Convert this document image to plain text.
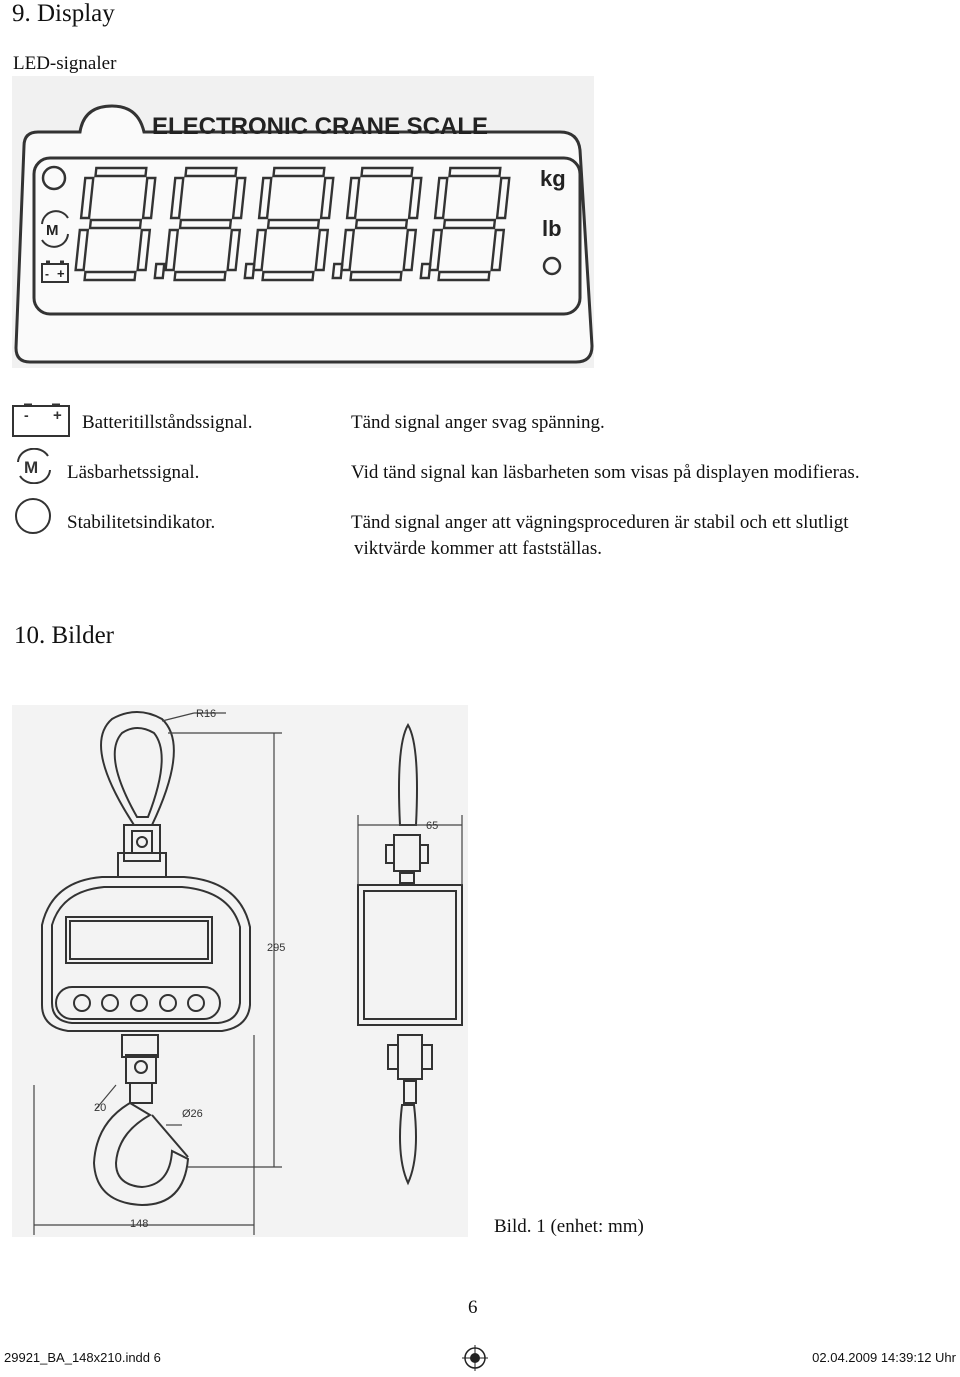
9. Display
LED-signaler
ELECTRONIC CRANE SCALE
M
- +
kg
lb
- +
M
Batteritillståndssignal.	Tänd signal anger svag spänning.
Läsbarhetssignal.	Vid tänd signal kan läsbarheten som visas på displayen modifieras.
Stabilitetsindikator.	Tänd signal anger att vägningsproceduren är stabil och ett slutligt
viktvärde kommer att fastställas.
10. Bilder
R16
295
20	Ø26
148
65
Bild. 1 (enhet: mm)
6
29921_BA_148x210.indd 6	02.04.2009 14:39:12 Uhr
